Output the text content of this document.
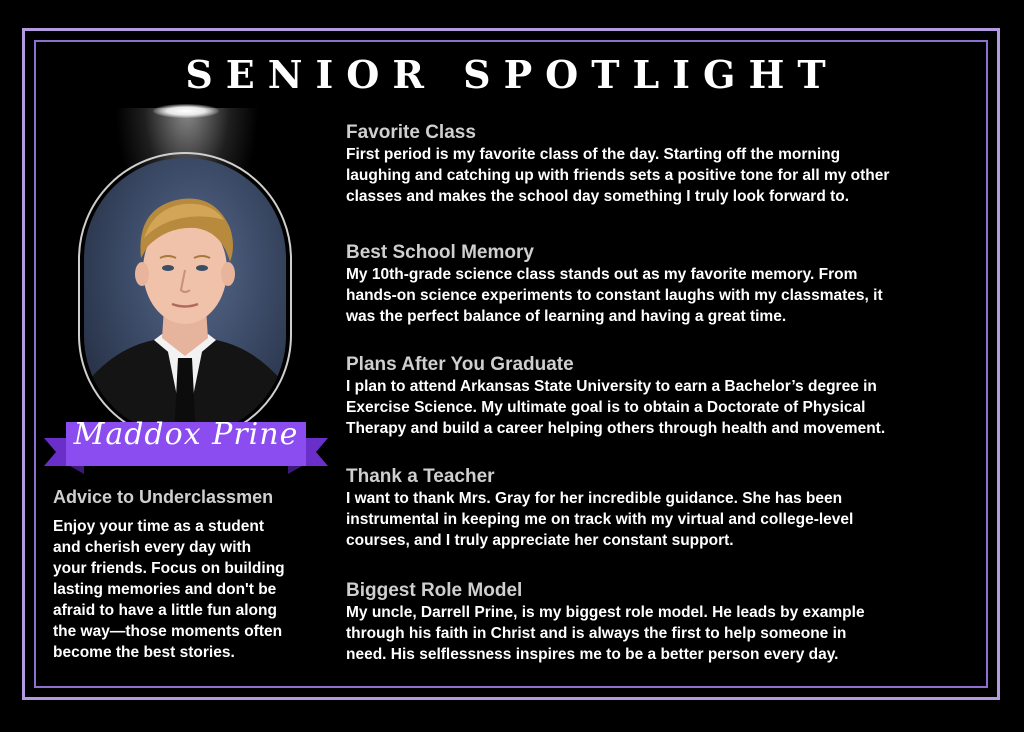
SENIOR SPOTLIGHT
Maddox Prine
Advice to Underclassmen
Enjoy your time as a student
and cherish every day with
your friends. Focus on building
lasting memories and don't be
afraid to have a little fun along
the way—those moments often
become the best stories.
Favorite Class
First period is my favorite class of the day. Starting off the morning
laughing and catching up with friends sets a positive tone for all my other
classes and makes the school day something I truly look forward to.
Best School Memory
My 10th-grade science class stands out as my favorite memory. From
hands-on science experiments to constant laughs with my classmates, it
was the perfect balance of learning and having a great time.
Plans After You Graduate
I plan to attend Arkansas State University to earn a Bachelor’s degree in
Exercise Science. My ultimate goal is to obtain a Doctorate of Physical
Therapy and build a career helping others through health and movement.
Thank a Teacher
I want to thank Mrs. Gray for her incredible guidance. She has been
instrumental in keeping me on track with my virtual and college-level
courses, and I truly appreciate her constant support.
Biggest Role Model
My uncle, Darrell Prine, is my biggest role model. He leads by example
through his faith in Christ and is always the first to help someone in
need. His selflessness inspires me to be a better person every day.
